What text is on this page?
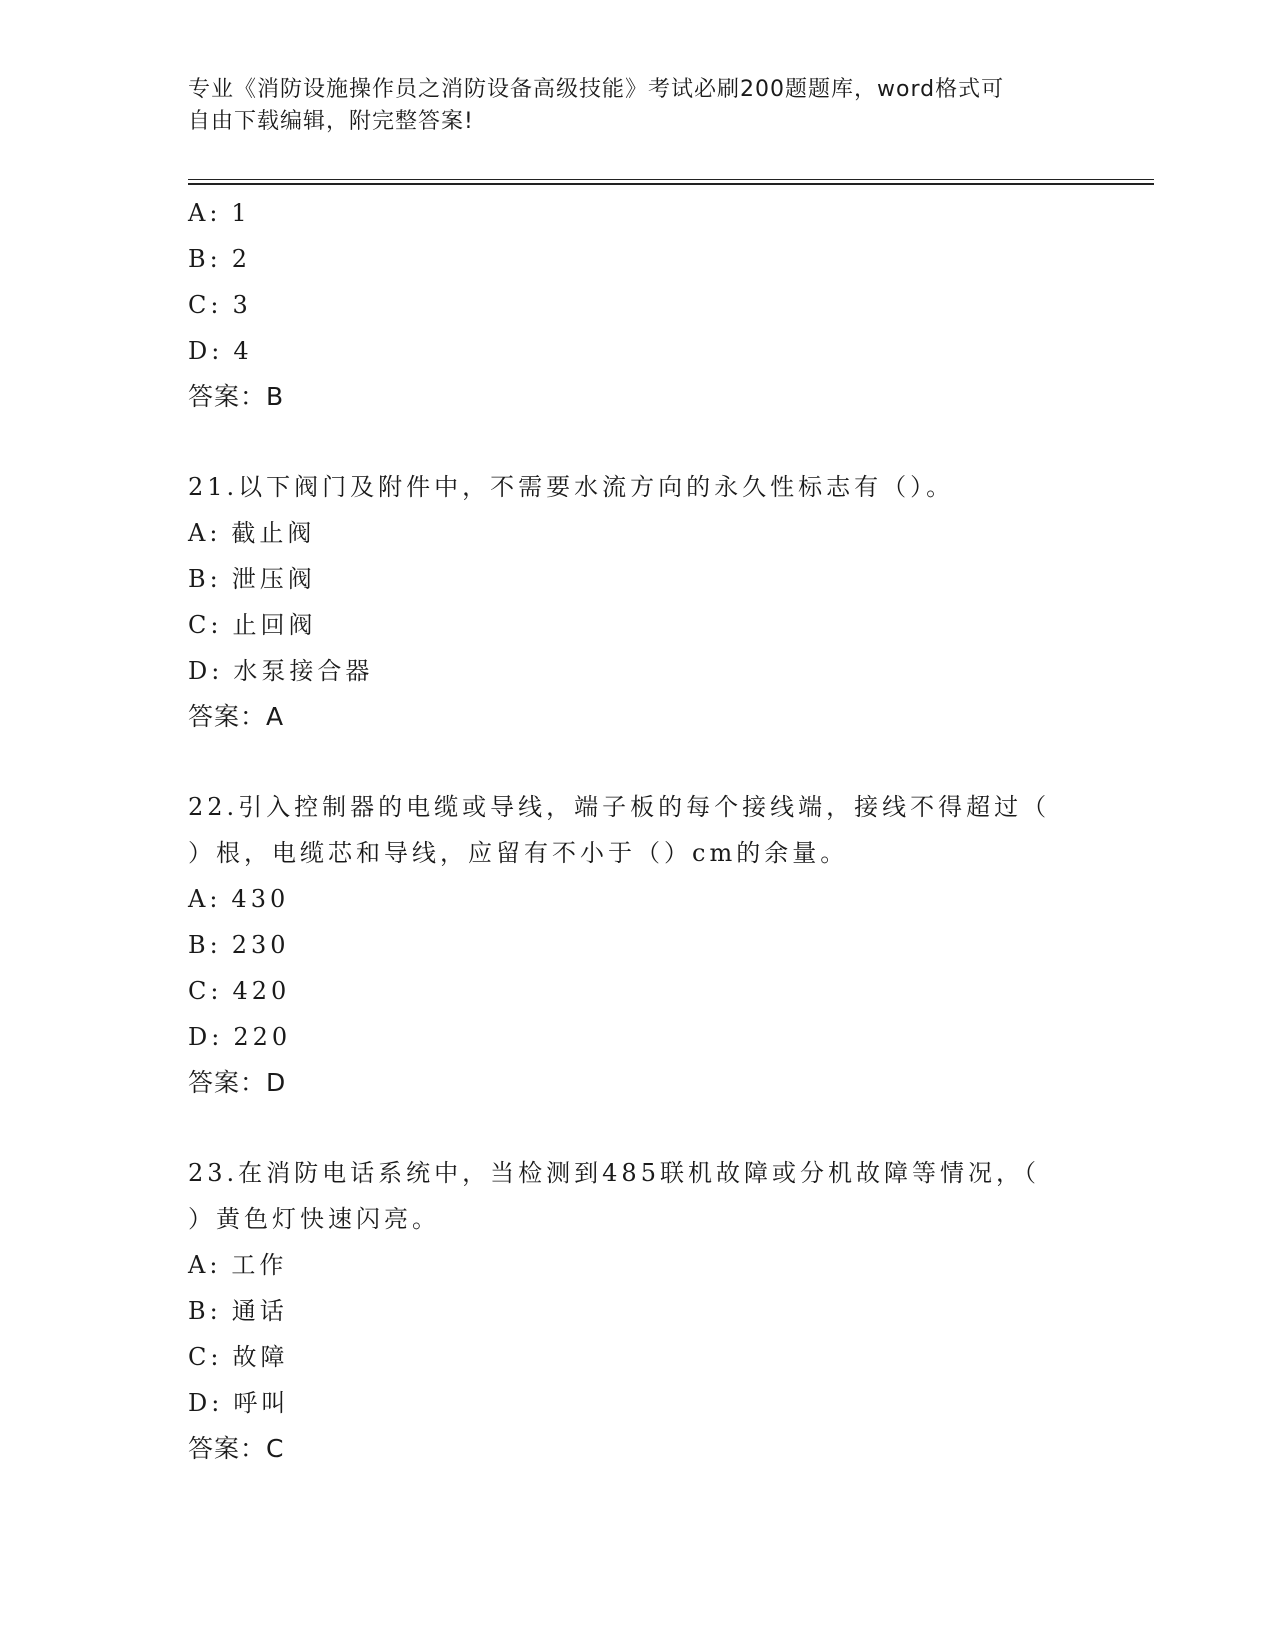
专业《消防设施操作员之消防设备高级技能》考试必刷200题题库，word格式可
自由下载编辑，附完整答案!
A: 1
B: 2
C: 3
D: 4
答案：B
21.以下阀门及附件中，不需要水流方向的永久性标志有（）。
A: 截止阀
B: 泄压阀
C: 止回阀
D: 水泵接合器
答案：A
22.引入控制器的电缆或导线，端子板的每个接线端，接线不得超过（
）根，电缆芯和导线，应留有不小于（）cm的余量。
A: 430
B: 230
C: 420
D: 220
答案：D
23.在消防电话系统中，当检测到485联机故障或分机故障等情况，（
）黄色灯快速闪亮。
A: 工作
B: 通话
C: 故障
D: 呼叫
答案：C
